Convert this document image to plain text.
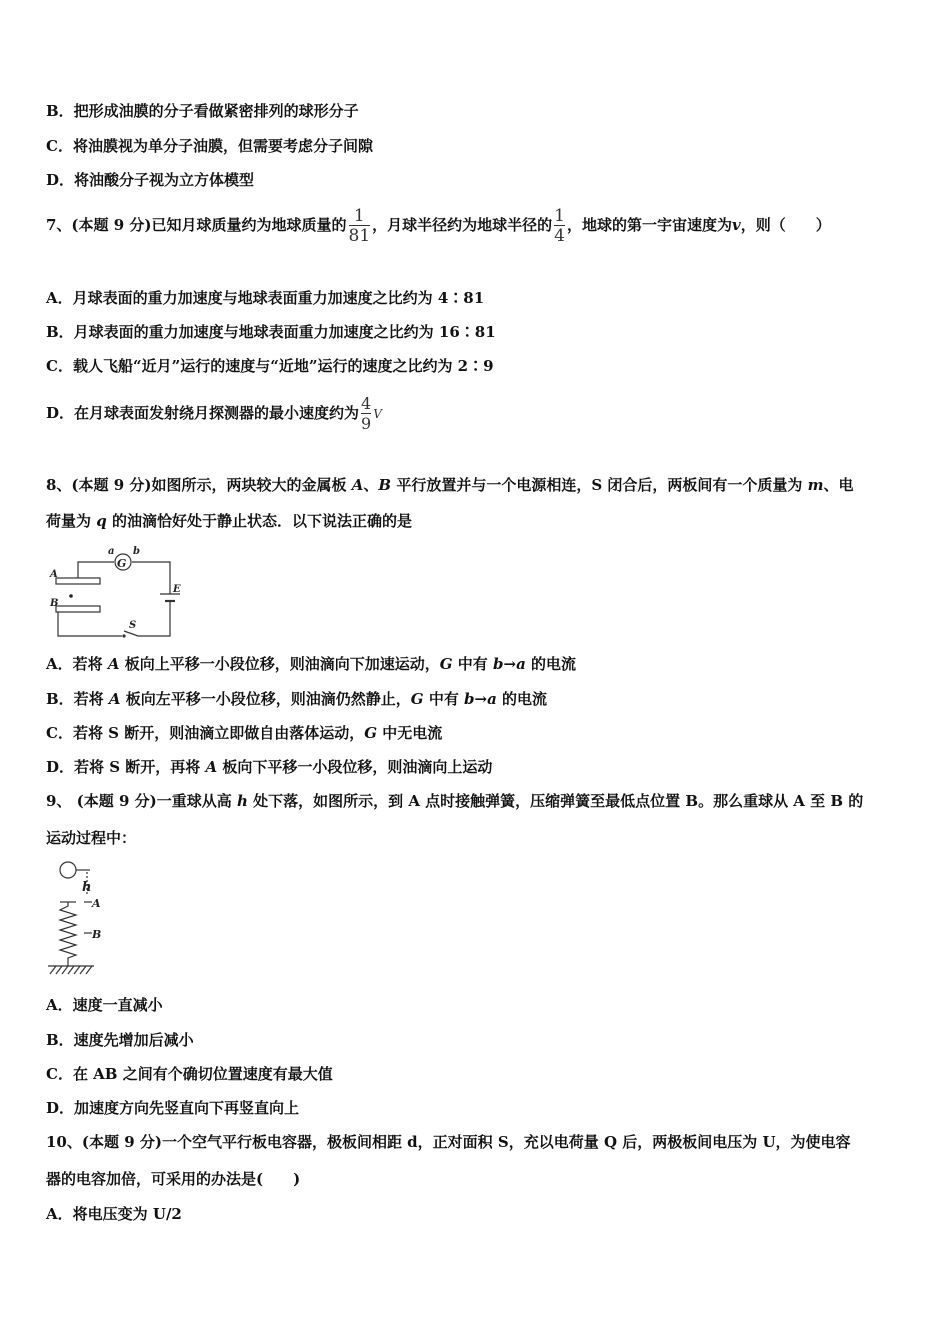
B．把形成油膜的分子看做紧密排列的球形分子
C．将油膜视为单分子油膜，但需要考虑分子间隙
D．将油酸分子视为立方体模型
7、(本题 9 分)已知月球质量约为地球质量的 $\frac{1}{81}$ ，月球半径约为地球半径的 $\frac{1}{4}$ ，地球的第一宇宙速度为v，则（　　）
A．月球表面的重力加速度与地球表面重力加速度之比约为 4∶81
B．月球表面的重力加速度与地球表面重力加速度之比约为 16∶81
C．载人飞船“近月”运行的速度与“近地”运行的速度之比约为 2∶9
D．在月球表面发射绕月探测器的最小速度约为 $\frac{4}{9}$ V
8、(本题 9 分)如图所示，两块较大的金属板 A、B 平行放置并与一个电源相连，S 闭合后，两板间有一个质量为 m、电
荷量为 q 的油滴恰好处于静止状态．以下说法正确的是
G
a b
A
B
E
S
A．若将 A 板向上平移一小段位移，则油滴向下加速运动，G 中有 b→a 的电流
B．若将 A 板向左平移一小段位移，则油滴仍然静止，G 中有 b→a 的电流
C．若将 S 断开，则油滴立即做自由落体运动，G 中无电流
D．若将 S 断开，再将 A 板向下平移一小段位移，则油滴向上运动
9、 (本题 9 分)一重球从高 h 处下落，如图所示，到 A 点时接触弹簧，压缩弹簧至最低点位置 B。那么重球从 A 至 B 的
运动过程中：
h
A
B
A．速度一直减小
B．速度先增加后减小
C．在 AB 之间有个确切位置速度有最大值
D．加速度方向先竖直向下再竖直向上
10、(本题 9 分)一个空气平行板电容器，极板间相距 d，正对面积 S，充以电荷量 Q 后，两极板间电压为 U，为使电容
器的电容加倍，可采用的办法是(　　)
A．将电压变为 U/2
